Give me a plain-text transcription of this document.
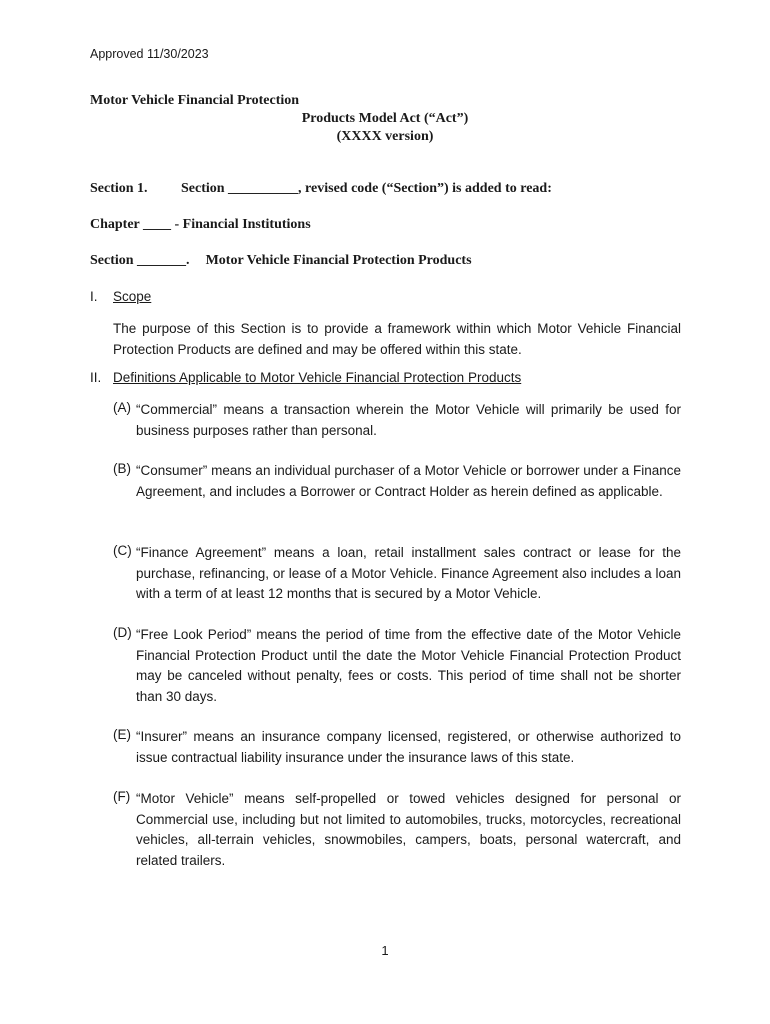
Approved 11/30/2023
Motor Vehicle Financial Protection
Products Model Act (“Act”)
(XXXX version)
Section 1. Section __________, revised code (“Section”) is added to read:
Chapter ____ - Financial Institutions
Section _______. Motor Vehicle Financial Protection Products
I. Scope
The purpose of this Section is to provide a framework within which Motor Vehicle Financial Protection Products are defined and may be offered within this state.
II. Definitions Applicable to Motor Vehicle Financial Protection Products
(A) “Commercial” means a transaction wherein the Motor Vehicle will primarily be used for business purposes rather than personal.
(B) “Consumer” means an individual purchaser of a Motor Vehicle or borrower under a Finance Agreement, and includes a Borrower or Contract Holder as herein defined as applicable.
(C) “Finance Agreement” means a loan, retail installment sales contract or lease for the purchase, refinancing, or lease of a Motor Vehicle. Finance Agreement also includes a loan with a term of at least 12 months that is secured by a Motor Vehicle.
(D) “Free Look Period” means the period of time from the effective date of the Motor Vehicle Financial Protection Product until the date the Motor Vehicle Financial Protection Product may be canceled without penalty, fees or costs. This period of time shall not be shorter than 30 days.
(E) “Insurer” means an insurance company licensed, registered, or otherwise authorized to issue contractual liability insurance under the insurance laws of this state.
(F) “Motor Vehicle” means self-propelled or towed vehicles designed for personal or Commercial use, including but not limited to automobiles, trucks, motorcycles, recreational vehicles, all-terrain vehicles, snowmobiles, campers, boats, personal watercraft, and related trailers.
1
